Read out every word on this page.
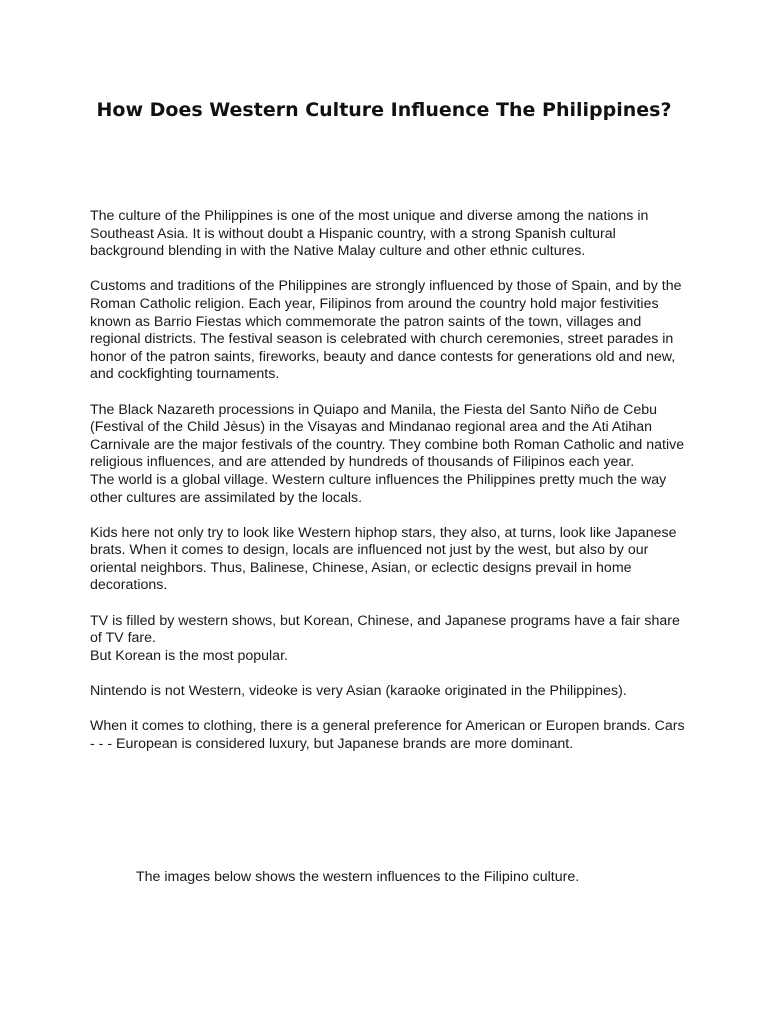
How Does Western Culture Influence The Philippines?

The culture of the Philippines is one of the most unique and diverse among the nations in Southeast Asia. It is without doubt a Hispanic country, with a strong Spanish cultural background blending in with the Native Malay culture and other ethnic cultures.

Customs and traditions of the Philippines are strongly influenced by those of Spain, and by the Roman Catholic religion. Each year, Filipinos from around the country hold major festivities known as Barrio Fiestas which commemorate the patron saints of the town, villages and regional districts. The festival season is celebrated with church ceremonies, street parades in honor of the patron saints, fireworks, beauty and dance contests for generations old and new, and cockfighting tournaments.

The Black Nazareth processions in Quiapo and Manila, the Fiesta del Santo Niño de Cebu (Festival of the Child Jèsus) in the Visayas and Mindanao regional area and the Ati Atihan Carnivale are the major festivals of the country. They combine both Roman Catholic and native religious influences, and are attended by hundreds of thousands of Filipinos each year.

The world is a global village. Western culture influences the Philippines pretty much the way other cultures are assimilated by the locals.

Kids here not only try to look like Western hiphop stars, they also, at turns, look like Japanese brats. When it comes to design, locals are influenced not just by the west, but also by our oriental neighbors. Thus, Balinese, Chinese, Asian, or eclectic designs prevail in home decorations.

TV is filled by western shows, but Korean, Chinese, and Japanese programs have a fair share of TV fare.

But Korean is the most popular.

Nintendo is not Western, videoke is very Asian (karaoke originated in the Philippines).

When it comes to clothing, there is a general preference for American or Europen brands. Cars - - - European is considered luxury, but Japanese brands are more dominant.

The images below shows the western influences to the Filipino culture.
